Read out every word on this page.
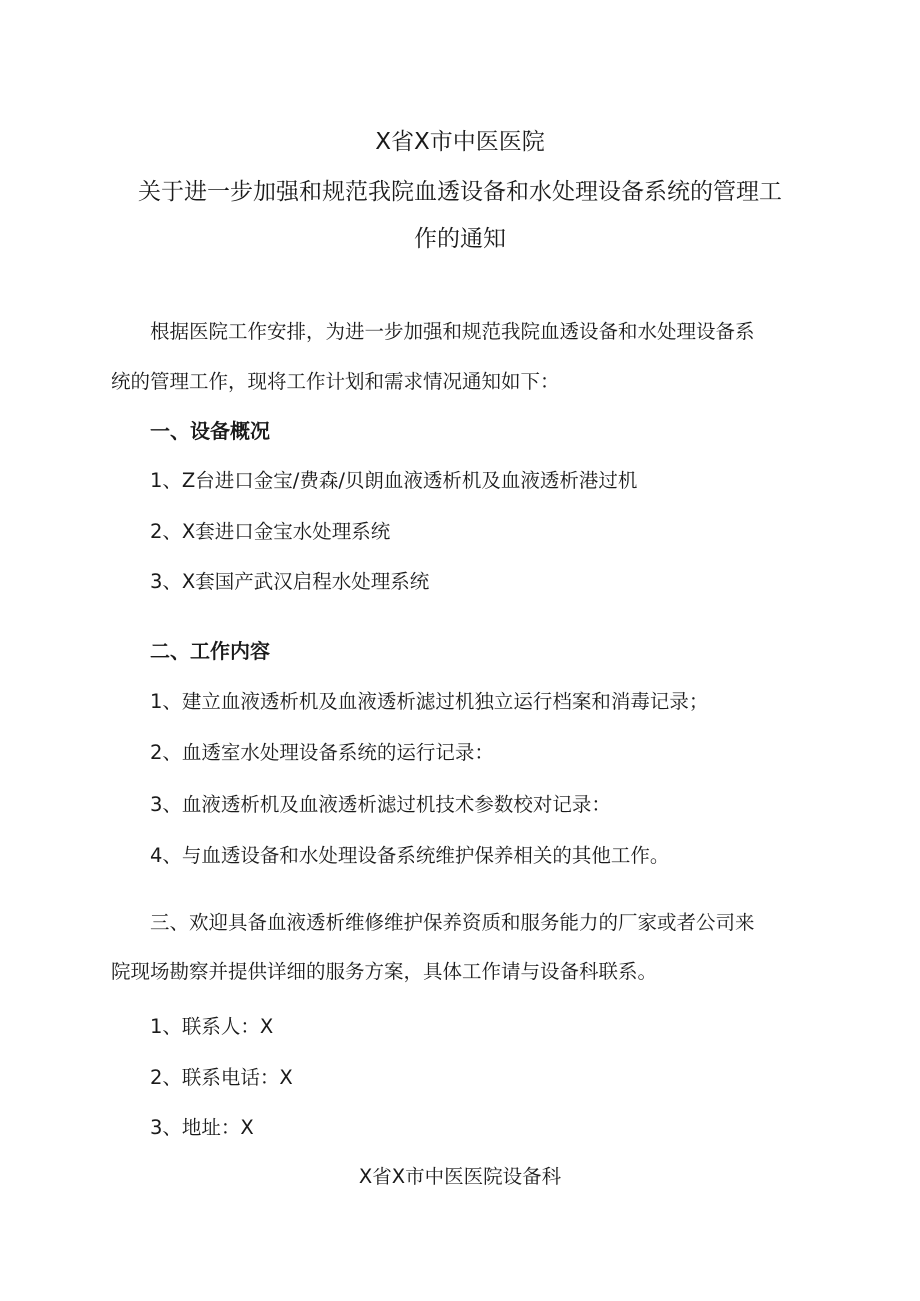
X省X市中医医院
关于进一步加强和规范我院血透设备和水处理设备系统的管理工
作的通知
根据医院工作安排，为进一步加强和规范我院血透设备和水处理设备系
统的管理工作，现将工作计划和需求情况通知如下：
一、设备概况
1、Z台进口金宝/费森/贝朗血液透析机及血液透析港过机
2、X套进口金宝水处理系统
3、X套国产武汉启程水处理系统
二、工作内容
1、建立血液透析机及血液透析滤过机独立运行档案和消毒记录；
2、血透室水处理设备系统的运行记录：
3、血液透析机及血液透析滤过机技术参数校对记录：
4、与血透设备和水处理设备系统维护保养相关的其他工作。
三、欢迎具备血液透析维修维护保养资质和服务能力的厂家或者公司来
院现场勘察并提供详细的服务方案，具体工作请与设备科联系。
1、联系人：X
2、联系电话：X
3、地址：X
X省X市中医医院设备科
